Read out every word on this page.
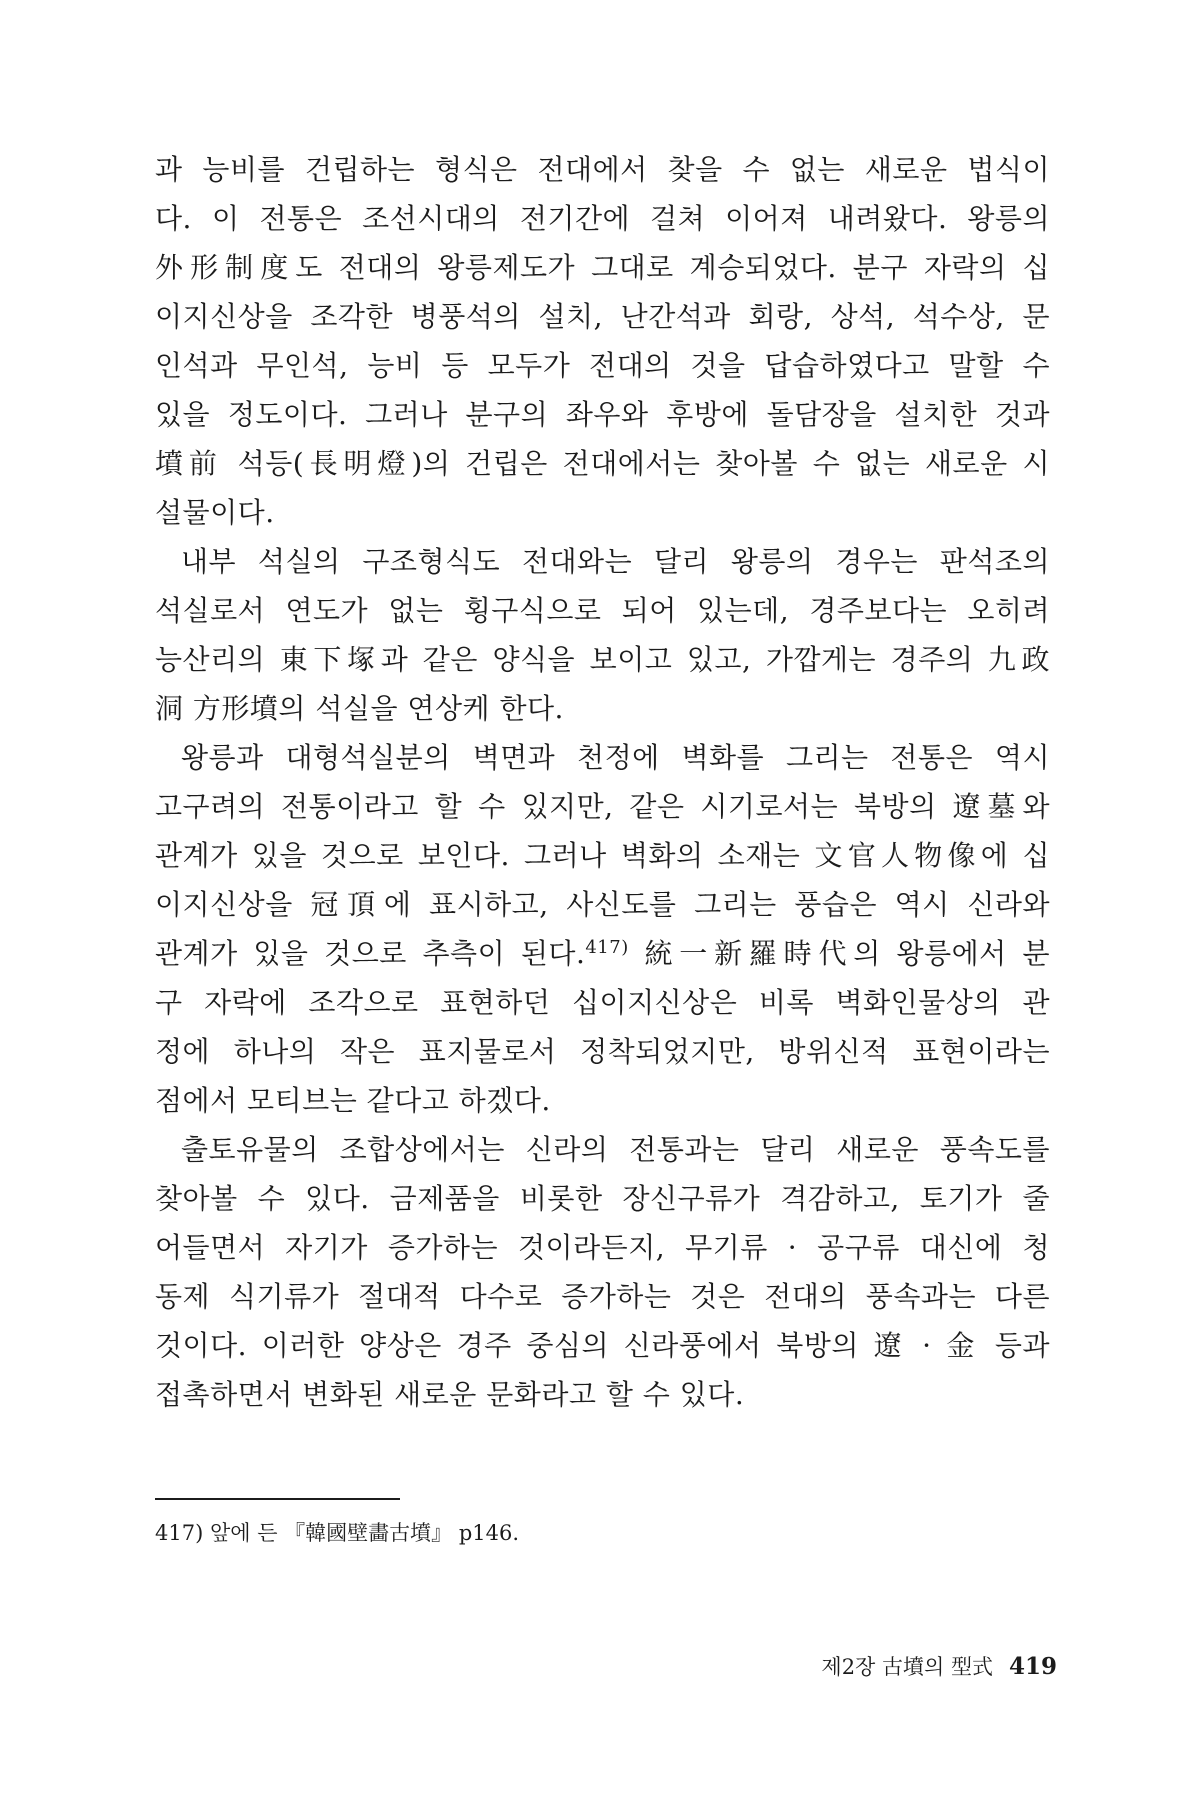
과 능비를 건립하는 형식은 전대에서 찾을 수 없는 새로운 법식이
다. 이 전통은 조선시대의 전기간에 걸쳐 이어져 내려왔다. 왕릉의
外形制度도 전대의 왕릉제도가 그대로 계승되었다. 분구 자락의 십
이지신상을 조각한 병풍석의 설치, 난간석과 회랑, 상석, 석수상, 문
인석과 무인석, 능비 등 모두가 전대의 것을 답습하였다고 말할 수
있을 정도이다. 그러나 분구의 좌우와 후방에 돌담장을 설치한 것과
墳前 석등(長明燈)의 건립은 전대에서는 찾아볼 수 없는 새로운 시
설물이다.
내부 석실의 구조형식도 전대와는 달리 왕릉의 경우는 판석조의
석실로서 연도가 없는 횡구식으로 되어 있는데, 경주보다는 오히려
능산리의 東下塚과 같은 양식을 보이고 있고, 가깝게는 경주의 九政
洞 方形墳의 석실을 연상케 한다.
왕릉과 대형석실분의 벽면과 천정에 벽화를 그리는 전통은 역시
고구려의 전통이라고 할 수 있지만, 같은 시기로서는 북방의 遼墓와
관계가 있을 것으로 보인다. 그러나 벽화의 소재는 文官人物像에 십
이지신상을 冠頂에 표시하고, 사신도를 그리는 풍습은 역시 신라와
관계가 있을 것으로 추측이 된다.$^{417)}$ 統一新羅時代의 왕릉에서 분
구 자락에 조각으로 표현하던 십이지신상은 비록 벽화인물상의 관
정에 하나의 작은 표지물로서 정착되었지만, 방위신적 표현이라는
점에서 모티브는 같다고 하겠다.
출토유물의 조합상에서는 신라의 전통과는 달리 새로운 풍속도를
찾아볼 수 있다. 금제품을 비롯한 장신구류가 격감하고, 토기가 줄
어들면서 자기가 증가하는 것이라든지, 무기류 · 공구류 대신에 청
동제 식기류가 절대적 다수로 증가하는 것은 전대의 풍속과는 다른
것이다. 이러한 양상은 경주 중심의 신라풍에서 북방의 遼 · 金 등과
접촉하면서 변화된 새로운 문화라고 할 수 있다.
417) 앞에 든 『韓國壁畵古墳』 p146.
제2장 古墳의 型式 419
